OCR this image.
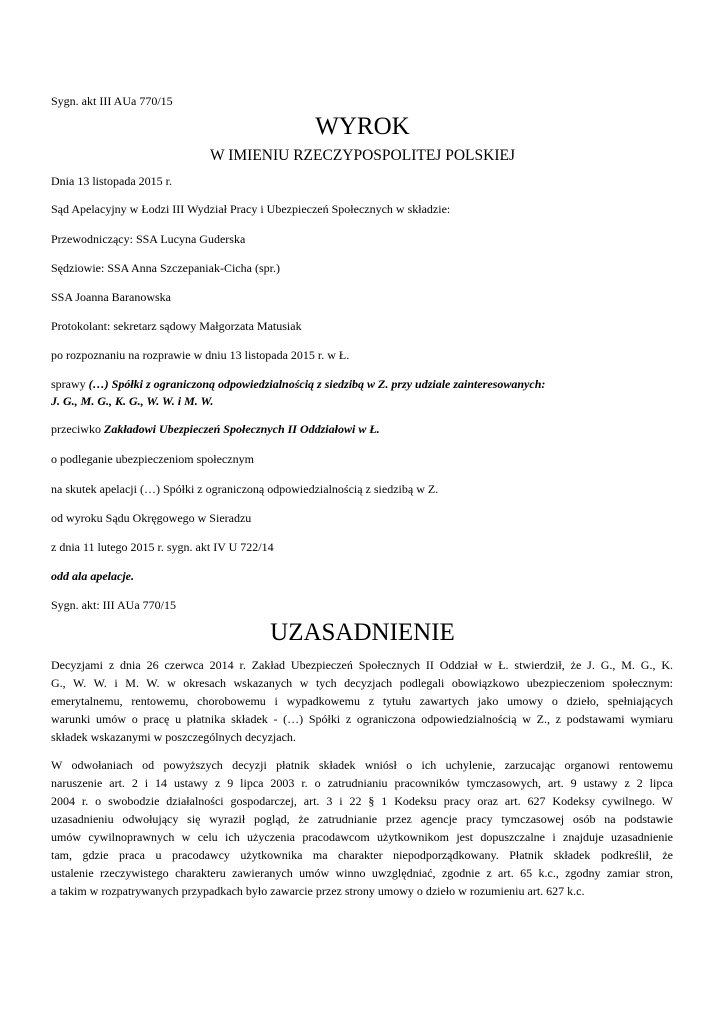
Sygn. akt III AUa 770/15
WYROK
W IMIENIU RZECZYPOSPOLITEJ POLSKIEJ
Dnia 13 listopada 2015 r.
Sąd Apelacyjny w Łodzi III Wydział Pracy i Ubezpieczeń Społecznych w składzie:
Przewodniczący: SSA Lucyna Guderska
Sędziowie: SSA Anna Szczepaniak-Cicha (spr.)
SSA Joanna Baranowska
Protokolant: sekretarz sądowy Małgorzata Matusiak
po rozpoznaniu na rozprawie w dniu 13 listopada 2015 r. w Ł.
sprawy (…) Spółki z ograniczoną odpowiedzialnością z siedzibą w Z. przy udziale zainteresowanych:
J. G., M. G., K. G., W. W. i M. W.
przeciwko Zakładowi Ubezpieczeń Społecznych II Oddziałowi w Ł.
o podleganie ubezpieczeniom społecznym
na skutek apelacji (…) Spółki z ograniczoną odpowiedzialnością z siedzibą w Z.
od wyroku Sądu Okręgowego w Sieradzu
z dnia 11 lutego 2015 r. sygn. akt IV U 722/14
odd ala apelacje.
Sygn. akt: III AUa 770/15
UZASADNIENIE
Decyzjami z dnia 26 czerwca 2014 r. Zakład Ubezpieczeń Społecznych II Oddział w Ł. stwierdził, że J. G., M. G., K.
G., W. W. i M. W. w okresach wskazanych w tych decyzjach podlegali obowiązkowo ubezpieczeniom społecznym:
emerytalnemu, rentowemu, chorobowemu i wypadkowemu z tytułu zawartych jako umowy o dzieło, spełniających
warunki umów o pracę u płatnika składek - (…) Spółki z ograniczona odpowiedzialnością w Z., z podstawami wymiaru
składek wskazanymi w poszczególnych decyzjach.
W odwołaniach od powyższych decyzji płatnik składek wniósł o ich uchylenie, zarzucając organowi rentowemu
naruszenie art. 2 i 14 ustawy z 9 lipca 2003 r. o zatrudnianiu pracowników tymczasowych, art. 9 ustawy z 2 lipca
2004 r. o swobodzie działalności gospodarczej, art. 3 i 22 § 1 Kodeksu pracy oraz art. 627 Kodeksy cywilnego. W
uzasadnieniu odwołujący się wyraził pogląd, że zatrudnianie przez agencje pracy tymczasowej osób na podstawie
umów cywilnoprawnych w celu ich użyczenia pracodawcom użytkownikom jest dopuszczalne i znajduje uzasadnienie
tam, gdzie praca u pracodawcy użytkownika ma charakter niepodporządkowany. Płatnik składek podkreślił, że
ustalenie rzeczywistego charakteru zawieranych umów winno uwzględniać, zgodnie z art. 65 k.c., zgodny zamiar stron,
a takim w rozpatrywanych przypadkach było zawarcie przez strony umowy o dzieło w rozumieniu art. 627 k.c.
